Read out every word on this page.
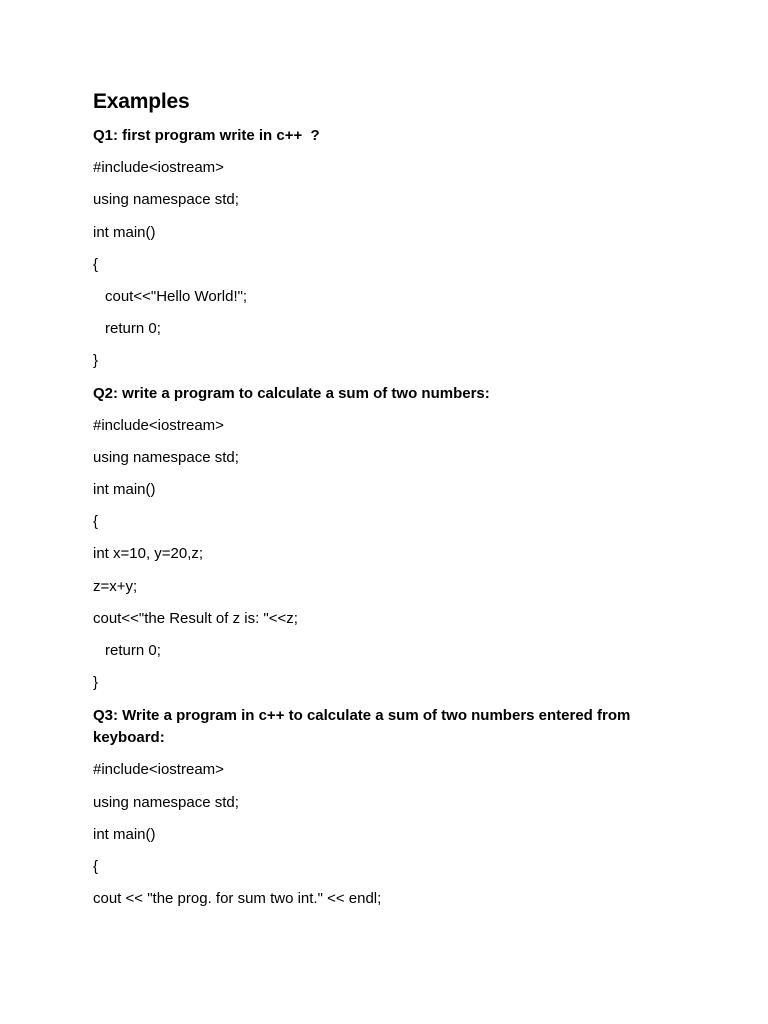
Examples
Q1: first program write in c++  ?
#include<iostream>
using namespace std;
int main()
{
cout<<"Hello World!";
return 0;
}
Q2: write a program to calculate a sum of two numbers:
#include<iostream>
using namespace std;
int main()
{
int x=10, y=20,z;
z=x+y;
cout<<"the Result of z is: "<<z;
return 0;
}
Q3: Write a program in c++ to calculate a sum of two numbers entered from keyboard:
#include<iostream>
using namespace std;
int main()
{
cout << "the prog. for sum two int." << endl;
